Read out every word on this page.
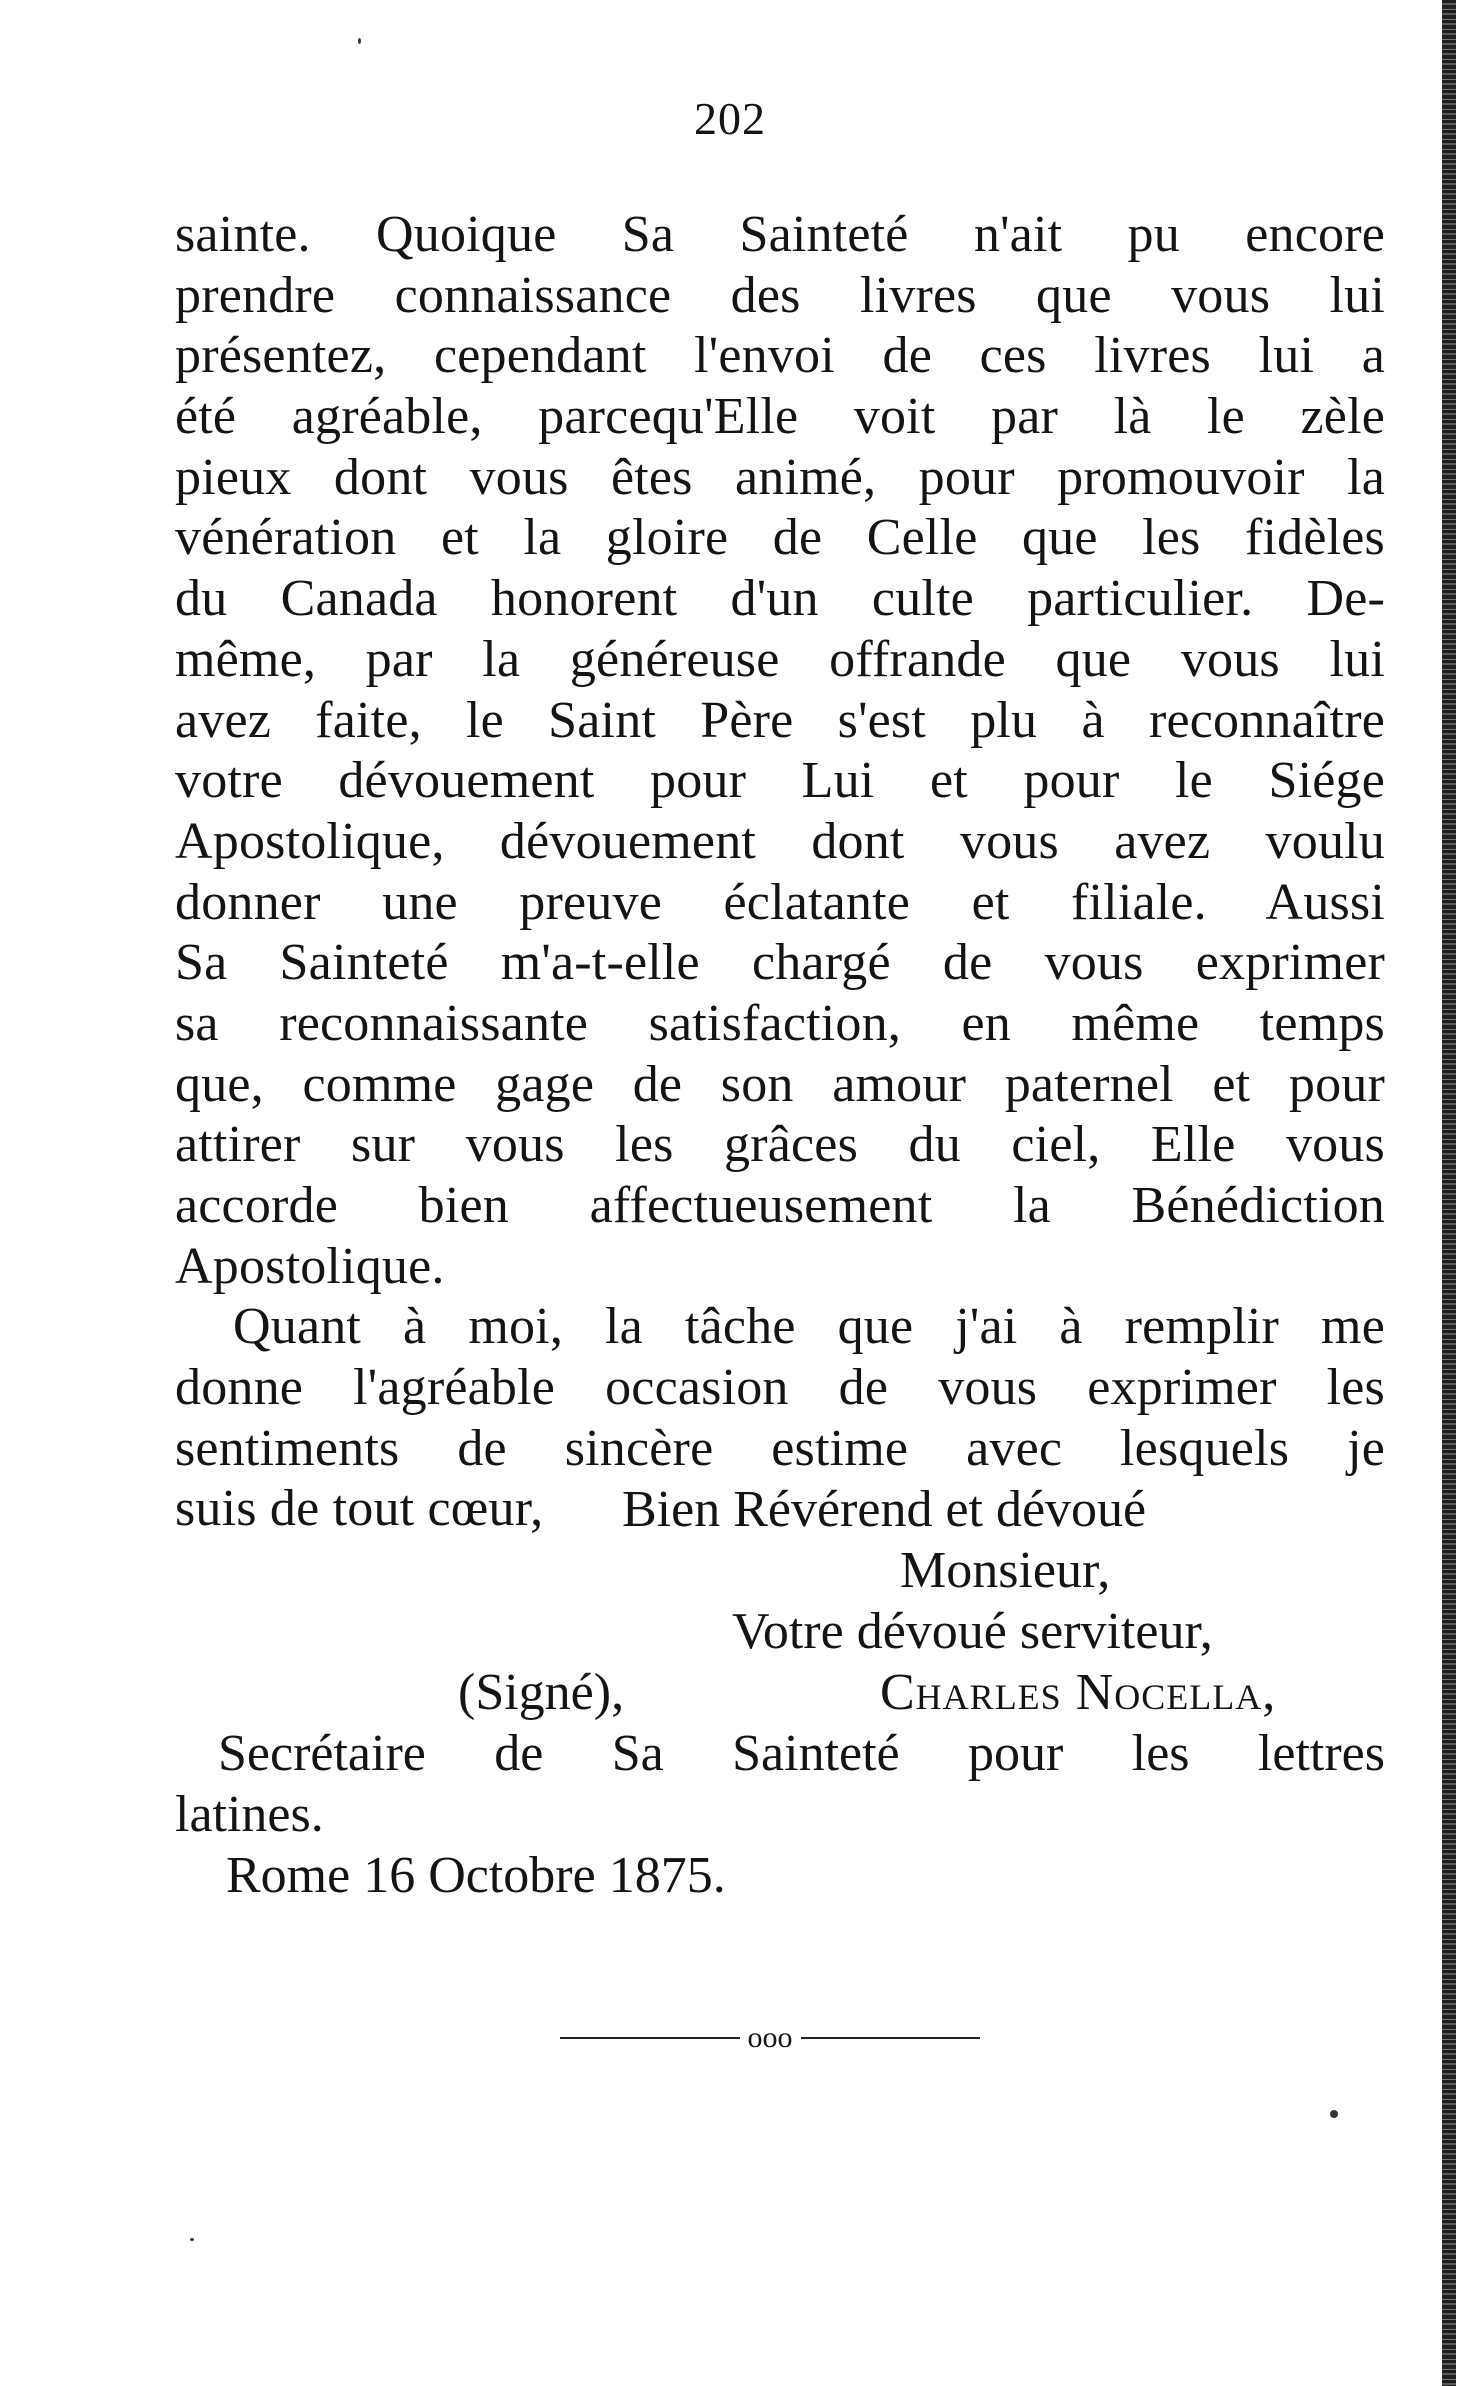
202
sainte. Quoique Sa Sainteté n'ait pu encore
prendre connaissance des livres que vous lui
présentez, cependant l'envoi de ces livres lui a
été agréable, parcequ'Elle voit par là le zèle
pieux dont vous êtes animé, pour promouvoir la
vénération et la gloire de Celle que les fidèles
du Canada honorent d'un culte particulier. De-
même, par la généreuse offrande que vous lui
avez faite, le Saint Père s'est plu à reconnaître
votre dévouement pour Lui et pour le Siége
Apostolique, dévouement dont vous avez voulu
donner une preuve éclatante et filiale. Aussi
Sa Sainteté m'a-t-elle chargé de vous exprimer
sa reconnaissante satisfaction, en même temps
que, comme gage de son amour paternel et pour
attirer sur vous les grâces du ciel, Elle vous
accorde bien affectueusement la Bénédiction
Apostolique.
Quant à moi, la tâche que j'ai à remplir me
donne l'agréable occasion de vous exprimer les
sentiments de sincère estime avec lesquels je
suis de tout cœur,	Bien Révérend et dévoué
Monsieur,
Votre dévoué serviteur,
(Signé),	Charles Nocella,
Secrétaire de Sa Sainteté pour les lettres
latines.
Rome 16 Octobre 1875.
ooo
